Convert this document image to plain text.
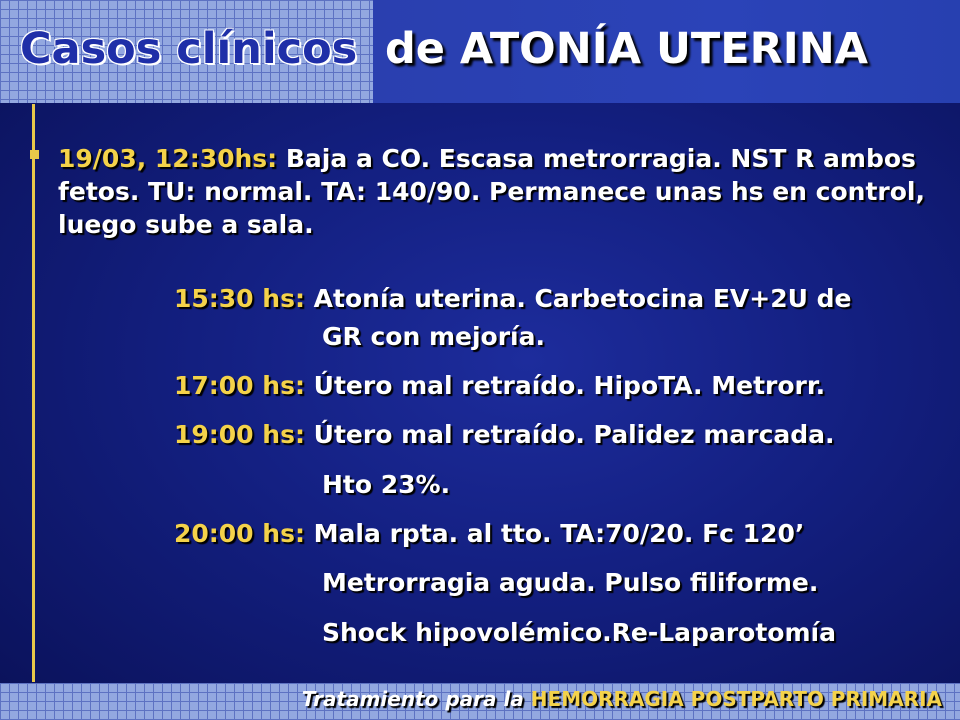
Casos clínicos de ATONÍA UTERINA

19/03, 12:30hs: Baja a CO. Escasa metrorragia. NST R ambos fetos. TU: normal. TA: 140/90. Permanece unas hs en control, luego sube a sala.

15:30 hs: Atonía uterina. Carbetocina EV+2U de

GR con mejoría.

17:00 hs: Útero mal retraído. HipoTA. Metrorr.

19:00 hs: Útero mal retraído. Palidez marcada.

Hto 23%.

20:00 hs: Mala rpta. al tto. TA:70/20. Fc 120’

Metrorragia aguda. Pulso filiforme.

Shock hipovolémico.Re-Laparotomía

Tratamiento para la HEMORRAGIA POSTPARTO PRIMARIA
